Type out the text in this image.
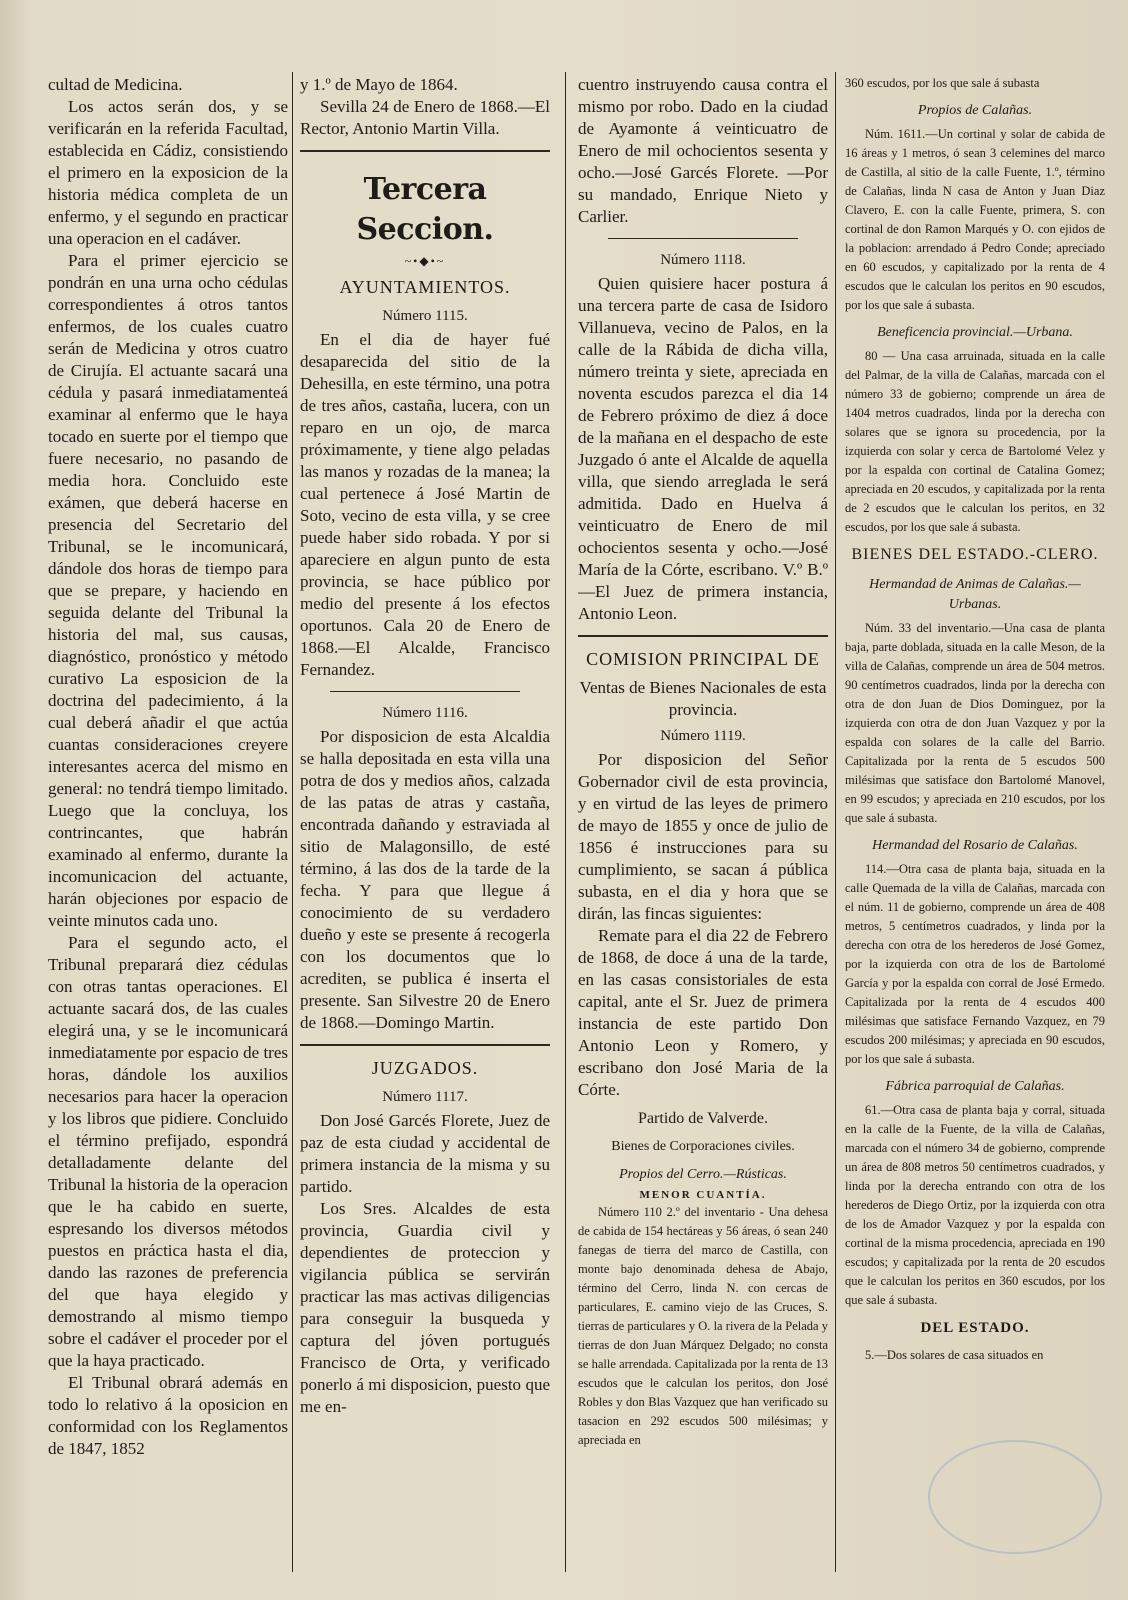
cultad de Medicina.

Los actos serán dos, y se verificarán en la referida Facultad, establecida en Cádiz, consistiendo el primero en la exposicion de la historia médica completa de un enfermo, y el segundo en practicar una operacion en el cadáver.

Para el primer ejercicio se pondrán en una urna ocho cédulas correspondientes á otros tantos enfermos, de los cuales cuatro serán de Medicina y otros cuatro de Cirujía. El actuante sacará una cédula y pasará inmediatamenteá examinar al enfermo que le haya tocado en suerte por el tiempo que fuere necesario, no pasando de media hora. Concluido este exámen, que deberá hacerse en presencia del Secretario del Tribunal, se le incomunicará, dándole dos horas de tiempo para que se prepare, y haciendo en seguida delante del Tribunal la historia del mal, sus causas, diagnóstico, pronóstico y método curativo La esposicion de la doctrina del padecimiento, á la cual deberá añadir el que actúa cuantas consideraciones creyere interesantes acerca del mismo en general: no tendrá tiempo limitado. Luego que la concluya, los contrincantes, que habrán examinado al enfermo, durante la incomunicacion del actuante, harán objeciones por espacio de veinte minutos cada uno.

Para el segundo acto, el Tribunal preparará diez cédulas con otras tantas operaciones. El actuante sacará dos, de las cuales elegirá una, y se le incomunicará inmediatamente por espacio de tres horas, dándole los auxilios necesarios para hacer la operacion y los libros que pidiere. Concluido el término prefijado, espondrá detalladamente delante del Tribunal la historia de la operacion que le ha cabido en suerte, espresando los diversos métodos puestos en práctica hasta el dia, dando las razones de preferencia del que haya elegido y demostrando al mismo tiempo sobre el cadáver el proceder por el que la haya practicado.

El Tribunal obrará además en todo lo relativo á la oposicion en conformidad con los Reglamentos de 1847, 1852

y 1.º de Mayo de 1864.

Sevilla 24 de Enero de 1868.—El Rector, Antonio Martin Villa.

Tercera Seccion.
~•◆•~
AYUNTAMIENTOS.
Número 1115.

En el dia de hayer fué desaparecida del sitio de la Dehesilla, en este término, una potra de tres años, castaña, lucera, con un reparo en un ojo, de marca próximamente, y tiene algo peladas las manos y rozadas de la manea; la cual pertenece á José Martin de Soto, vecino de esta villa, y se cree puede haber sido robada. Y por si apareciere en algun punto de esta provincia, se hace público por medio del presente á los efectos oportunos. Cala 20 de Enero de 1868.—El Alcalde, Francisco Fernandez.

Número 1116.

Por disposicion de esta Alcaldia se halla depositada en esta villa una potra de dos y medios años, calzada de las patas de atras y castaña, encontrada dañando y estraviada al sitio de Malagonsillo, de esté término, á las dos de la tarde de la fecha. Y para que llegue á conocimiento de su verdadero dueño y este se presente á recogerla con los documentos que lo acrediten, se publica é inserta el presente. San Silvestre 20 de Enero de 1868.—Domingo Martin.

JUZGADOS.
Número 1117.

Don José Garcés Florete, Juez de paz de esta ciudad y accidental de primera instancia de la misma y su partido.

Los Sres. Alcaldes de esta provincia, Guardia civil y dependientes de proteccion y vigilancia pública se servirán practicar las mas activas diligencias para conseguir la busqueda y captura del jóven portugués Francisco de Orta, y verificado ponerlo á mi disposicion, puesto que me en-

cuentro instruyendo causa contra el mismo por robo. Dado en la ciudad de Ayamonte á veinticuatro de Enero de mil ochocientos sesenta y ocho.—José Garcés Florete. —Por su mandado, Enrique Nieto y Carlier.

Número 1118.

Quien quisiere hacer postura á una tercera parte de casa de Isidoro Villanueva, vecino de Palos, en la calle de la Rábida de dicha villa, número treinta y siete, apreciada en noventa escudos parezca el dia 14 de Febrero próximo de diez á doce de la mañana en el despacho de este Juzgado ó ante el Alcalde de aquella villa, que siendo arreglada le será admitida. Dado en Huelva á veinticuatro de Enero de mil ochocientos sesenta y ocho.—José María de la Córte, escribano. V.º B.º—El Juez de primera instancia, Antonio Leon.

COMISION PRINCIPAL DE

Ventas de Bienes Nacionales de esta provincia.

Número 1119.

Por disposicion del Señor Gobernador civil de esta provincia, y en virtud de las leyes de primero de mayo de 1855 y once de julio de 1856 é instrucciones para su cumplimiento, se sacan á pública subasta, en el dia y hora que se dirán, las fincas siguientes:

Remate para el dia 22 de Febrero de 1868, de doce á una de la tarde, en las casas consistoriales de esta capital, ante el Sr. Juez de primera instancia de este partido Don Antonio Leon y Romero, y escribano don José Maria de la Córte.

Partido de Valverde.
Bienes de Corporaciones civiles.
Propios del Cerro.—Rústicas.
MENOR CUANTÍA.

Número 110 2.º del inventario - Una dehesa de cabida de 154 hectáreas y 56 áreas, ó sean 240 fanegas de tierra del marco de Castilla, con monte bajo denominada dehesa de Abajo, término del Cerro, linda N. con cercas de particulares, E. camino viejo de las Cruces, S. tierras de particulares y O. la rivera de la Pelada y tierras de don Juan Márquez Delgado; no consta se halle arrendada. Capitalizada por la renta de 13 escudos que le calculan los peritos, don José Robles y don Blas Vazquez que han verificado su tasacion en 292 escudos 500 milésimas; y apreciada en

360 escudos, por los que sale á subasta

Propios de Calañas.

Núm. 1611.—Un cortinal y solar de cabida de 16 áreas y 1 metros, ó sean 3 celemines del marco de Castilla, al sitio de la calle Fuente, 1.º, término de Calañas, linda N casa de Anton y Juan Diaz Clavero, E. con la calle Fuente, primera, S. con cortinal de don Ramon Marqués y O. con ejidos de la poblacion: arrendado á Pedro Conde; apreciado en 60 escudos, y capitalizado por la renta de 4 escudos que le calculan los peritos en 90 escudos, por los que sale á subasta.

Beneficencia provincial.—Urbana.

80 — Una casa arruinada, situada en la calle del Palmar, de la villa de Calañas, marcada con el número 33 de gobierno; comprende un área de 1404 metros cuadrados, linda por la derecha con solares que se ignora su procedencia, por la izquierda con solar y cerca de Bartolomé Velez y por la espalda con cortinal de Catalina Gomez; apreciada en 20 escudos, y capitalizada por la renta de 2 escudos que le calculan los peritos, en 32 escudos, por los que sale á subasta.

BIENES DEL ESTADO.-CLERO.
Hermandad de Animas de Calañas.—Urbanas.

Núm. 33 del inventario.—Una casa de planta baja, parte doblada, situada en la calle Meson, de la villa de Calañas, comprende un área de 504 metros. 90 centímetros cuadrados, linda por la derecha con otra de don Juan de Dios Dominguez, por la izquierda con otra de don Juan Vazquez y por la espalda con solares de la calle del Barrio. Capitalizada por la renta de 5 escudos 500 milésimas que satisface don Bartolomé Manovel, en 99 escudos; y apreciada en 210 escudos, por los que sale á subasta.

Hermandad del Rosario de Calañas.

114.—Otra casa de planta baja, situada en la calle Quemada de la villa de Calañas, marcada con el núm. 11 de gobierno, comprende un área de 408 metros, 5 centímetros cuadrados, y linda por la derecha con otra de los herederos de José Gomez, por la izquierda con otra de los de Bartolomé García y por la espalda con corral de José Ermedo. Capitalizada por la renta de 4 escudos 400 milésimas que satisface Fernando Vazquez, en 79 escudos 200 milésimas; y apreciada en 90 escudos, por los que sale á subasta.

Fábrica parroquial de Calañas.

61.—Otra casa de planta baja y corral, situada en la calle de la Fuente, de la villa de Calañas, marcada con el número 34 de gobierno, comprende un área de 808 metros 50 centímetros cuadrados, y linda por la derecha entrando con otra de los herederos de Diego Ortiz, por la izquierda con otra de los de Amador Vazquez y por la espalda con cortinal de la misma procedencia, apreciada en 190 escudos; y capitalizada por la renta de 20 escudos que le calculan los peritos en 360 escudos, por los que sale á subasta.

DEL ESTADO.

5.—Dos solares de casa situados en
